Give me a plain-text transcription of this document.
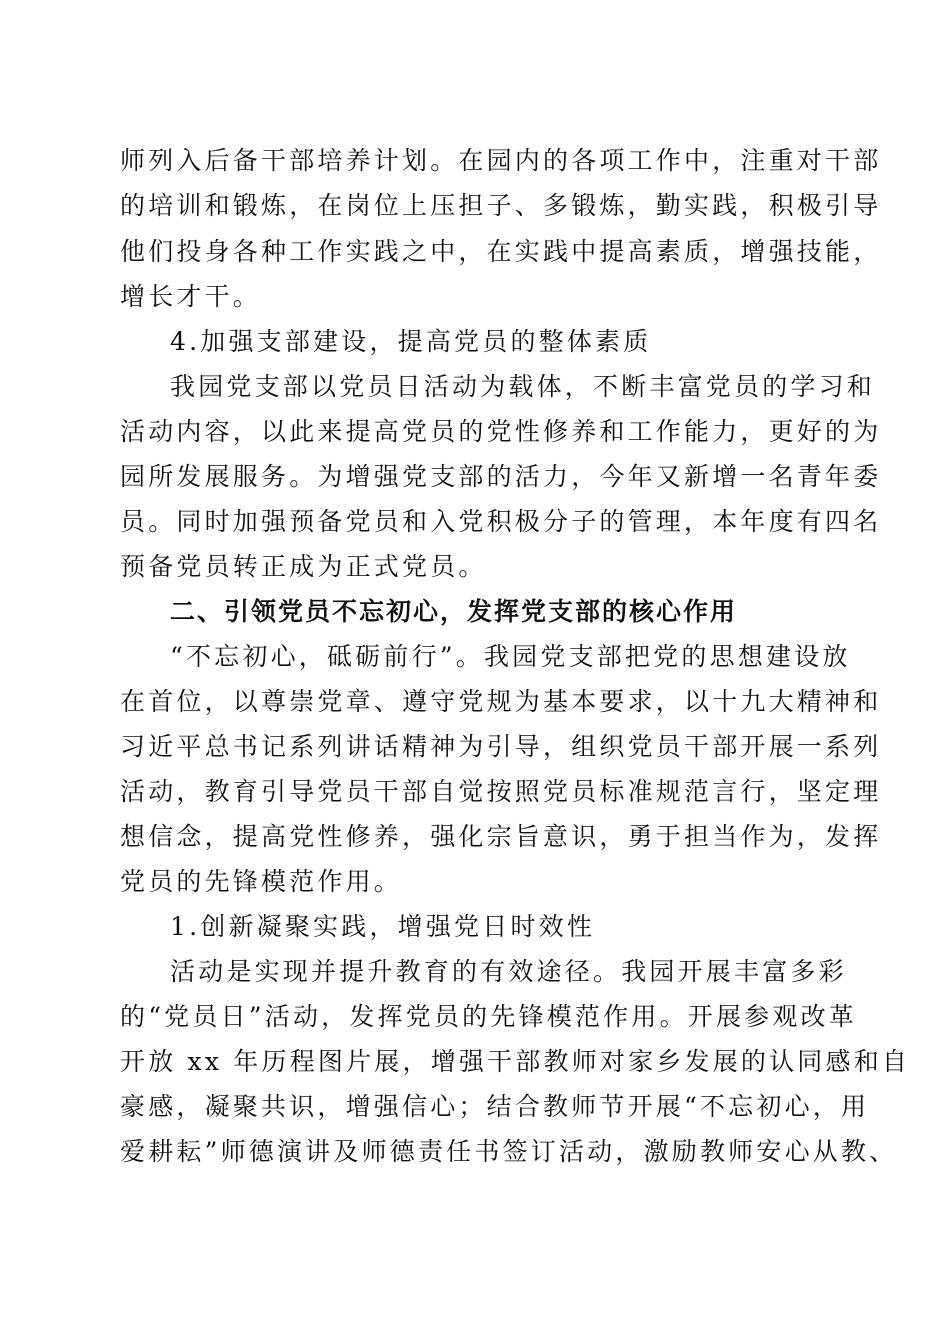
师列入后备干部培养计划。在园内的各项工作中，注重对干部
的培训和锻炼，在岗位上压担子、多锻炼，勤实践，积极引导
他们投身各种工作实践之中，在实践中提高素质，增强技能，
增长才干。
4.加强支部建设，提高党员的整体素质
我园党支部以党员日活动为载体，不断丰富党员的学习和
活动内容，以此来提高党员的党性修养和工作能力，更好的为
园所发展服务。为增强党支部的活力，今年又新增一名青年委
员。同时加强预备党员和入党积极分子的管理，本年度有四名
预备党员转正成为正式党员。
二、引领党员不忘初心，发挥党支部的核心作用
“不忘初心，砥砺前行”。我园党支部把党的思想建设放
在首位，以尊崇党章、遵守党规为基本要求，以十九大精神和
习近平总书记系列讲话精神为引导，组织党员干部开展一系列
活动，教育引导党员干部自觉按照党员标准规范言行，坚定理
想信念，提高党性修养，强化宗旨意识，勇于担当作为，发挥
党员的先锋模范作用。
1.创新凝聚实践，增强党日时效性
活动是实现并提升教育的有效途径。我园开展丰富多彩
的“党员日”活动，发挥党员的先锋模范作用。开展参观改革
开放 xx 年历程图片展，增强干部教师对家乡发展的认同感和自
豪感，凝聚共识，增强信心；结合教师节开展“不忘初心，用
爱耕耘”师德演讲及师德责任书签订活动，激励教师安心从教、
